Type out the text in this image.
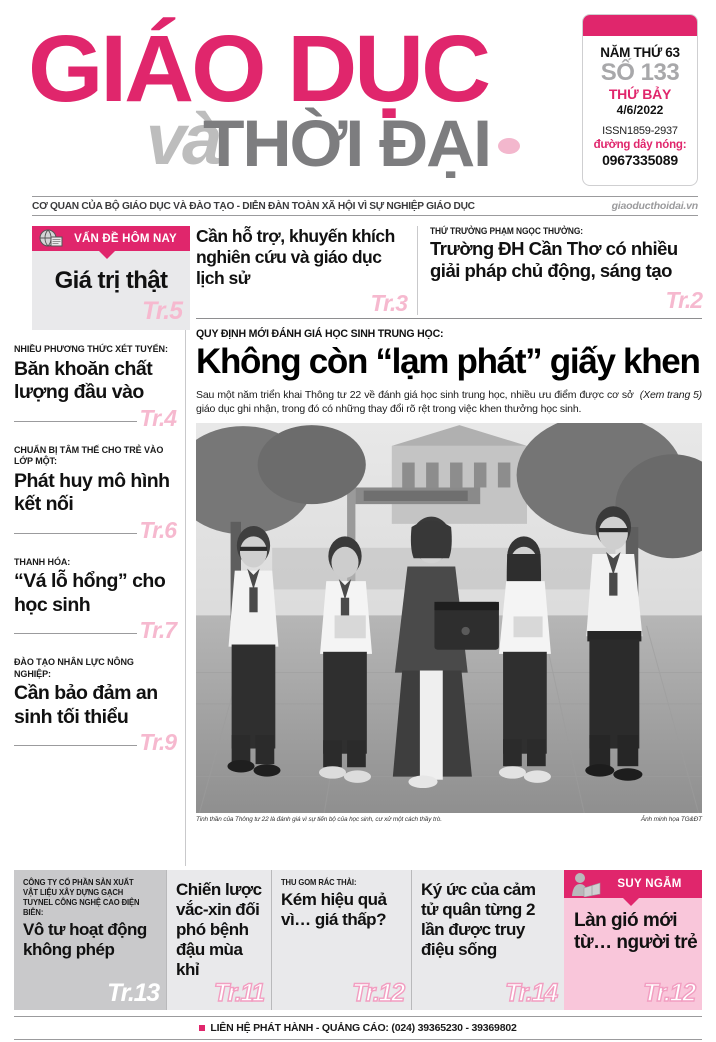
GIÁO DỤC
và
THỜI ĐẠI
NĂM THỨ 63
SỐ 133
THỨ BẢY
4/6/2022
ISSN1859-2937
đường dây nóng:
0967335089
CƠ QUAN CỦA BỘ GIÁO DỤC VÀ ĐÀO TẠO - DIỄN ĐÀN TOÀN XÃ HỘI VÌ SỰ NGHIỆP GIÁO DỤC	giaoducthoidai.vn
VẤN ĐỀ HÔM NAY
Giá trị thật
Tr.5
NHIỀU PHƯƠNG THỨC XÉT TUYỂN:
Băn khoăn chất lượng đầu vào
Tr.4
CHUẨN BỊ TÂM THẾ CHO TRẺ VÀO LỚP MỘT:
Phát huy mô hình kết nối
Tr.6
THANH HÓA:
“Vá lỗ hổng” cho học sinh
Tr.7
ĐÀO TẠO NHÂN LỰC NÔNG NGHIỆP:
Cần bảo đảm an sinh tối thiểu
Tr.9
Cần hỗ trợ, khuyến khích nghiên cứu và giáo dục lịch sử
Tr.3
THỨ TRƯỞNG PHẠM NGỌC THƯỞNG:
Trường ĐH Cần Thơ có nhiều giải pháp chủ động, sáng tạo
Tr.2
QUY ĐỊNH MỚI ĐÁNH GIÁ HỌC SINH TRUNG HỌC:
Không còn “lạm phát” giấy khen
(Xem trang 5)
Sau một năm triển khai Thông tư 22 về đánh giá học sinh trung học, nhiều ưu điểm được cơ sở giáo dục ghi nhận, trong đó có những thay đổi rõ rệt trong việc khen thưởng học sinh.
Tinh thần của Thông tư 22 là đánh giá vì sự tiến bộ của học sinh, cư xử một cách thầy trò.	Ảnh minh họa TG&ĐT
CÔNG TY CỔ PHẦN SẢN XUẤT VẬT LIỆU XÂY DỰNG GẠCH TUYNEL CÔNG NGHỆ CAO ĐIỆN BIÊN:
Vô tư hoạt động không phép
Tr.13
Chiến lược vắc-xin đối phó bệnh đậu mùa khỉ
Tr.11
THU GOM RÁC THẢI:
Kém hiệu quả vì… giá thấp?
Tr.12
Ký ức của cảm tử quân từng 2 lần được truy điệu sống
Tr.14
SUY NGẪM
Làn gió mới từ… người trẻ
Tr.12
LIÊN HỆ PHÁT HÀNH - QUẢNG CÁO: (024) 39365230 - 39369802
